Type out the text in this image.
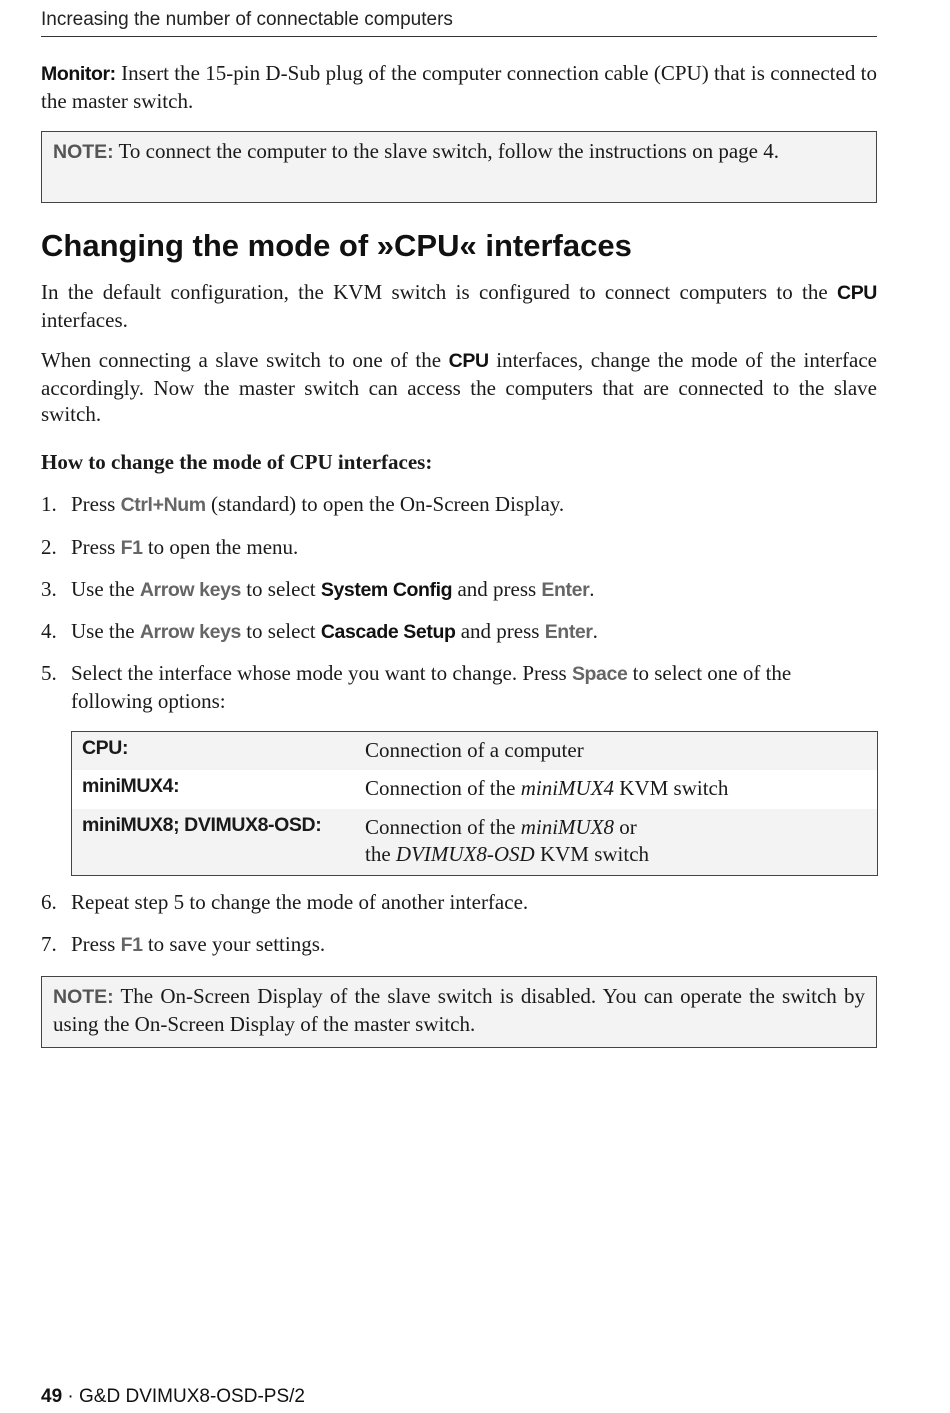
Increasing the number of connectable computers
Monitor: Insert the 15-pin D-Sub plug of the computer connection cable (CPU) that is connected to the master switch.
NOTE: To connect the computer to the slave switch, follow the instructions on page 4.
Changing the mode of »CPU« interfaces
In the default configuration, the KVM switch is configured to connect computers to the CPU interfaces.
When connecting a slave switch to one of the CPU interfaces, change the mode of the interface accordingly. Now the master switch can access the computers that are connected to the slave switch.
How to change the mode of CPU interfaces:
1. Press Ctrl+Num (standard) to open the On-Screen Display.
2. Press F1 to open the menu.
3. Use the Arrow keys to select System Config and press Enter.
4. Use the Arrow keys to select Cascade Setup and press Enter.
5. Select the interface whose mode you want to change. Press Space to select one of the following options:
CPU:	Connection of a computer
miniMUX4:	Connection of the miniMUX4 KVM switch
miniMUX8; DVIMUX8-OSD:	Connection of the miniMUX8 or
the DVIMUX8-OSD KVM switch
6. Repeat step 5 to change the mode of another interface.
7. Press F1 to save your settings.
NOTE: The On-Screen Display of the slave switch is disabled. You can operate the switch by using the On-Screen Display of the master switch.
49 · G&D DVIMUX8-OSD-PS/2
